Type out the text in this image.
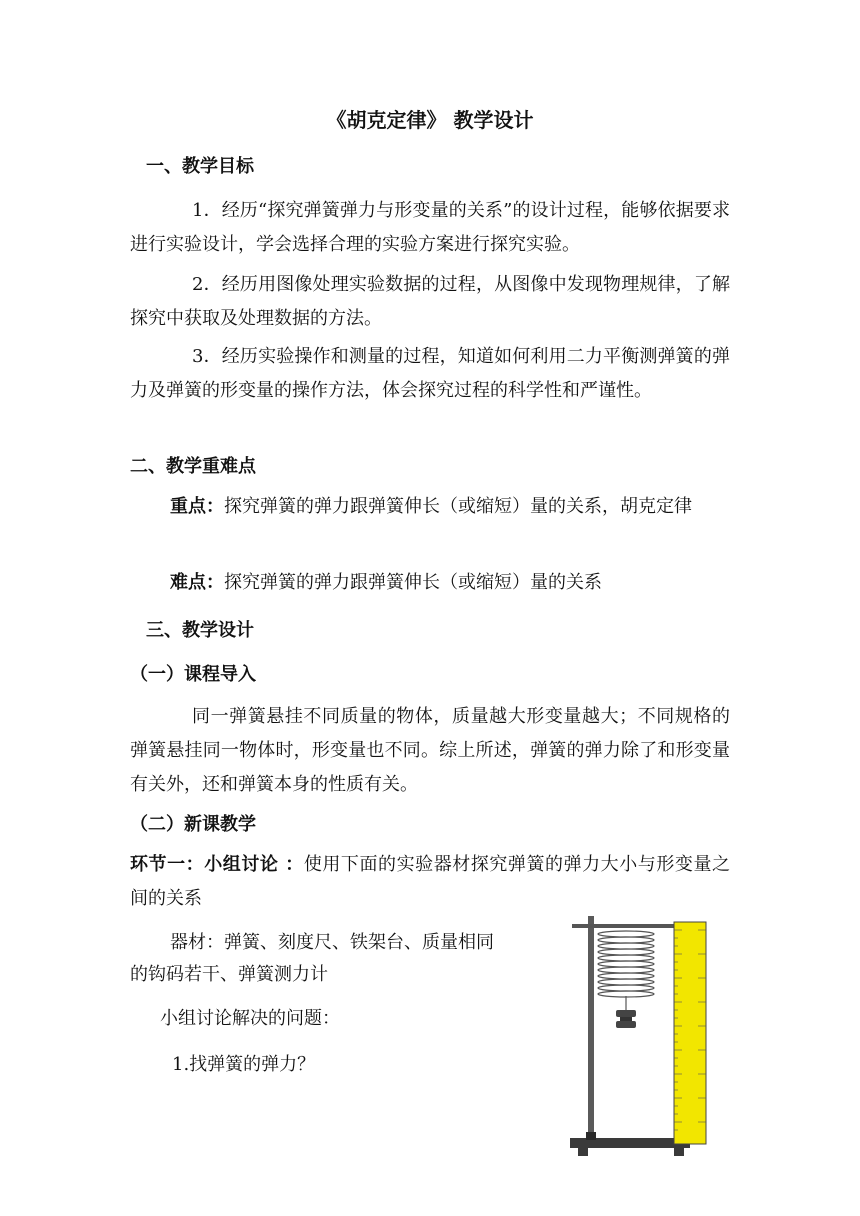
《胡克定律》 教学设计
一、教学目标
1．经历“探究弹簧弹力与形变量的关系”的设计过程，能够依据要求进行实验设计，学会选择合理的实验方案进行探究实验。
2．经历用图像处理实验数据的过程，从图像中发现物理规律，了解探究中获取及处理数据的方法。
3．经历实验操作和测量的过程，知道如何利用二力平衡测弹簧的弹力及弹簧的形变量的操作方法，体会探究过程的科学性和严谨性。
二、教学重难点
重点：探究弹簧的弹力跟弹簧伸长（或缩短）量的关系，胡克定律
难点：探究弹簧的弹力跟弹簧伸长（或缩短）量的关系
三、教学设计
（一）课程导入
同一弹簧悬挂不同质量的物体，质量越大形变量越大；不同规格的弹簧悬挂同一物体时，形变量也不同。综上所述，弹簧的弹力除了和形变量有关外，还和弹簧本身的性质有关。
（二）新课教学
环节一：小组讨论 ：使用下面的实验器材探究弹簧的弹力大小与形变量之间的关系
器材：弹簧、刻度尺、铁架台、质量相同
的钩码若干、弹簧测力计
小组讨论解决的问题：
1.找弹簧的弹力？
